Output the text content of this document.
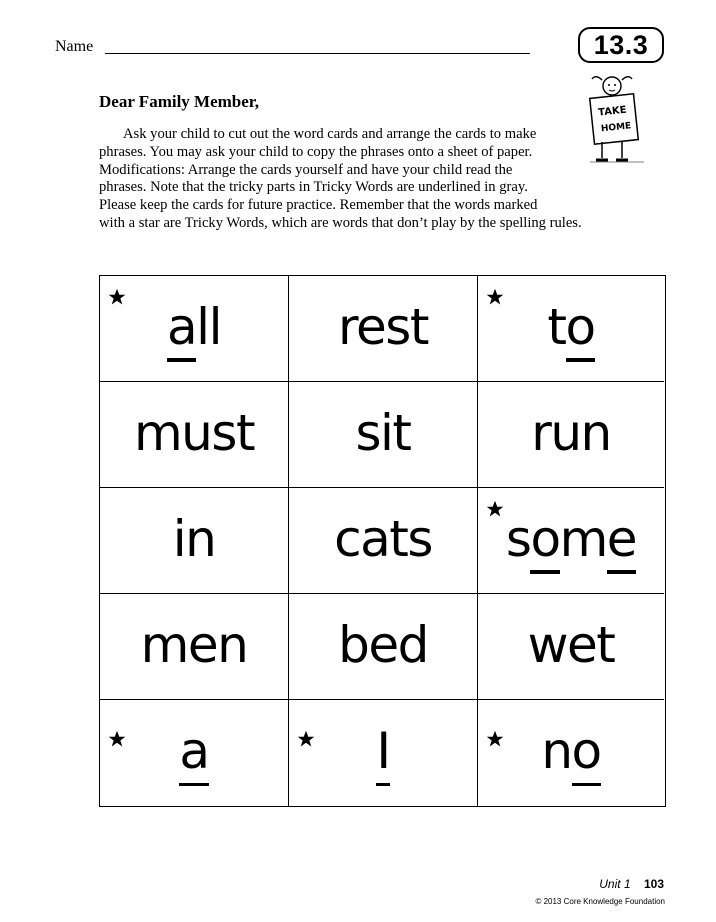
Name	13.3
TAKE
HOME
Dear Family Member,
Ask your child to cut out the word cards and arrange the cards to make
phrases. You may ask your child to copy the phrases onto a sheet of paper.
Modifications: Arrange the cards yourself and have your child read the
phrases. Note that the tricky parts in Tricky Words are underlined in gray.
Please keep the cards for future practice. Remember that the words marked
with a star are Tricky Words, which are words that don’t play by the spelling rules.
all rest to
must sit run
in cats some
men bed wet
a	I	no
Unit 1 103
© 2013 Core Knowledge Foundation
